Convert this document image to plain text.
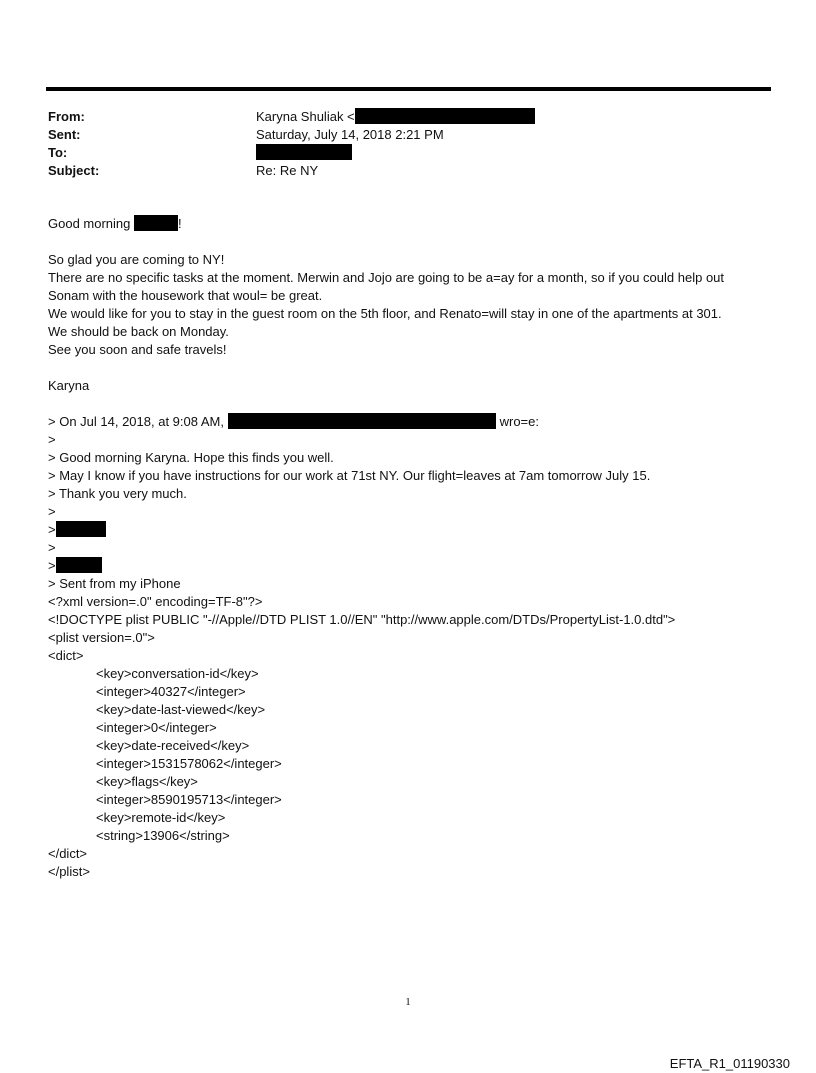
From:	Karyna Shuliak <
Sent:	Saturday, July 14, 2018 2:21 PM
To:
Subject:	Re: Re NY
Good morning	!
So glad you are coming to NY!
There are no specific tasks at the moment. Merwin and Jojo are going to be a=ay for a month, so if you could help out
Sonam with the housework that woul= be great.
We would like for you to stay in the guest room on the 5th floor, and Renato=will stay in one of the apartments at 301.
We should be back on Monday.
See you soon and safe travels!
Karyna
> On Jul 14, 2018, at 9:08 AM,	wro=e:
>
> Good morning Karyna. Hope this finds you well.
> May I know if you have instructions for our work at 71st NY. Our flight=leaves at 7am tomorrow July 15.
> Thank you very much.
>
>
>
>
> Sent from my iPhone
<?xml version=.0" encoding=TF-8"?>
<!DOCTYPE plist PUBLIC "-//Apple//DTD PLIST 1.0//EN" "http://www.apple.com/DTDs/PropertyList-1.0.dtd">
<plist version=.0">
<dict>
<key>conversation-id</key>
<integer>40327</integer>
<key>date-last-viewed</key>
<integer>0</integer>
<key>date-received</key>
<integer>1531578062</integer>
<key>flags</key>
<integer>8590195713</integer>
<key>remote-id</key>
<string>13906</string>
</dict>
</plist>
1
EFTA_R1_01190330
